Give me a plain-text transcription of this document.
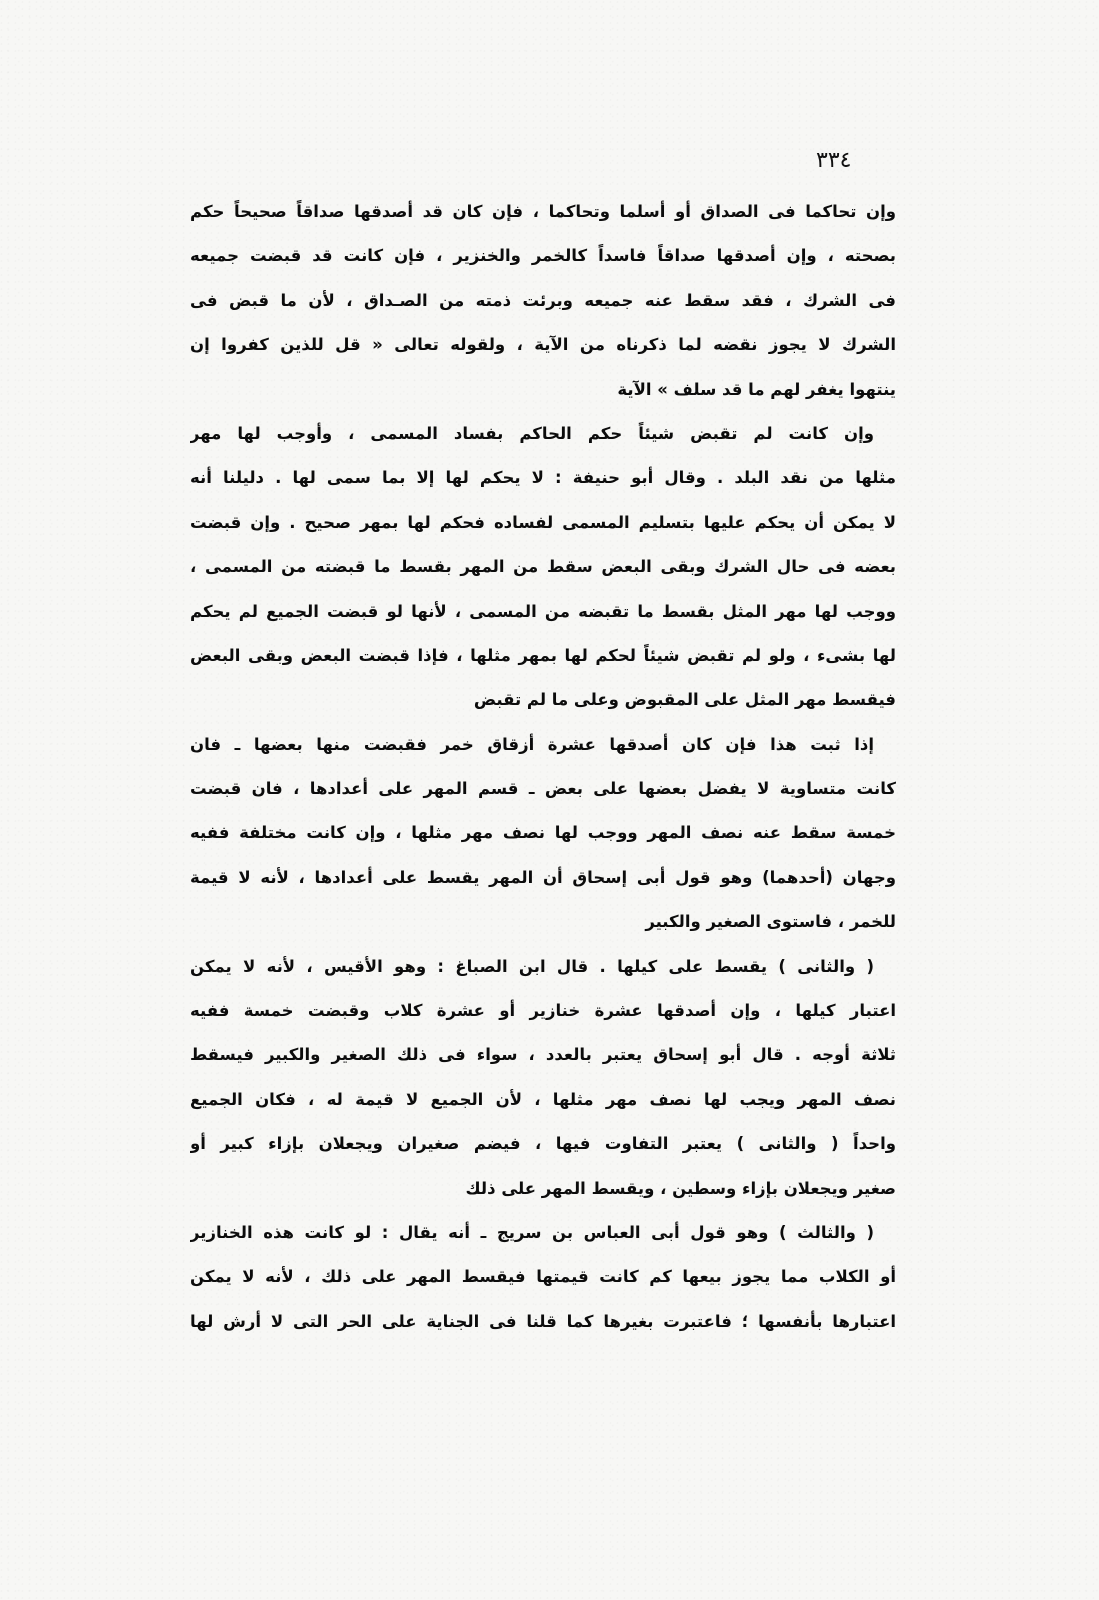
٣٣٤
وإن تحاكما فى الصداق أو أسلما وتحاكما ، فإن كان قد أصدقها صداقاً صحيحاً حكم
بصحته ، وإن أصدقها صداقاً فاسداً كالخمر والخنزير ، فإن كانت قد قبضت جميعه
فى الشرك ، فقد سقط عنه جميعه وبرئت ذمته من الصـداق ، لأن ما قبض فى
الشرك لا يجوز نقضه لما ذكرناه من الآية ، ولقوله تعالى « قل للذين كفروا إن
ينتهوا يغفر لهم ما قد سلف » الآية
وإن كانت لم تقبض شيئاً حكم الحاكم بفساد المسمى ، وأوجب لها مهر
مثلها من نقد البلد . وقال أبو حنيفة : لا يحكم لها إلا بما سمى لها . دليلنا أنه
لا يمكن أن يحكم عليها بتسليم المسمى لفساده فحكم لها بمهر صحيح . وإن قبضت
بعضه فى حال الشرك وبقى البعض سقط من المهر بقسط ما قبضته من المسمى ،
ووجب لها مهر المثل بقسط ما تقبضه من المسمى ، لأنها لو قبضت الجميع لم يحكم
لها بشىء ، ولو لم تقبض شيئاً لحكم لها بمهر مثلها ، فإذا قبضت البعض وبقى البعض
فيقسط مهر المثل على المقبوض وعلى ما لم تقبض
إذا ثبت هذا فإن كان أصدقها عشرة أزقاق خمر فقبضت منها بعضها ـ فان
كانت متساوية لا يفضل بعضها على بعض ـ قسم المهر على أعدادها ، فان قبضت
خمسة سقط عنه نصف المهر ووجب لها نصف مهر مثلها ، وإن كانت مختلفة ففيه
وجهان (أحدهما) وهو قول أبى إسحاق أن المهر يقسط على أعدادها ، لأنه لا قيمة
للخمر ، فاستوى الصغير والكبير
( والثانى ) يقسط على كيلها . قال ابن الصباغ : وهو الأقيس ، لأنه لا يمكن
اعتبار كيلها ، وإن أصدقها عشرة خنازير أو عشرة كلاب وقبضت خمسة ففيه
ثلاثة أوجه . قال أبو إسحاق يعتبر بالعدد ، سواء فى ذلك الصغير والكبير فيسقط
نصف المهر ويجب لها نصف مهر مثلها ، لأن الجميع لا قيمة له ، فكان الجميع
واحداً ( والثانى ) يعتبر التفاوت فيها ، فيضم صغيران ويجعلان بإزاء كبير أو
صغير ويجعلان بإزاء وسطين ، ويقسط المهر على ذلك
( والثالث ) وهو قول أبى العباس بن سريج ـ أنه يقال : لو كانت هذه الخنازير
أو الكلاب مما يجوز بيعها كم كانت قيمتها فيقسط المهر على ذلك ، لأنه لا يمكن
اعتبارها بأنفسها ؛ فاعتبرت بغيرها كما قلنا فى الجناية على الحر التى لا أرش لها
